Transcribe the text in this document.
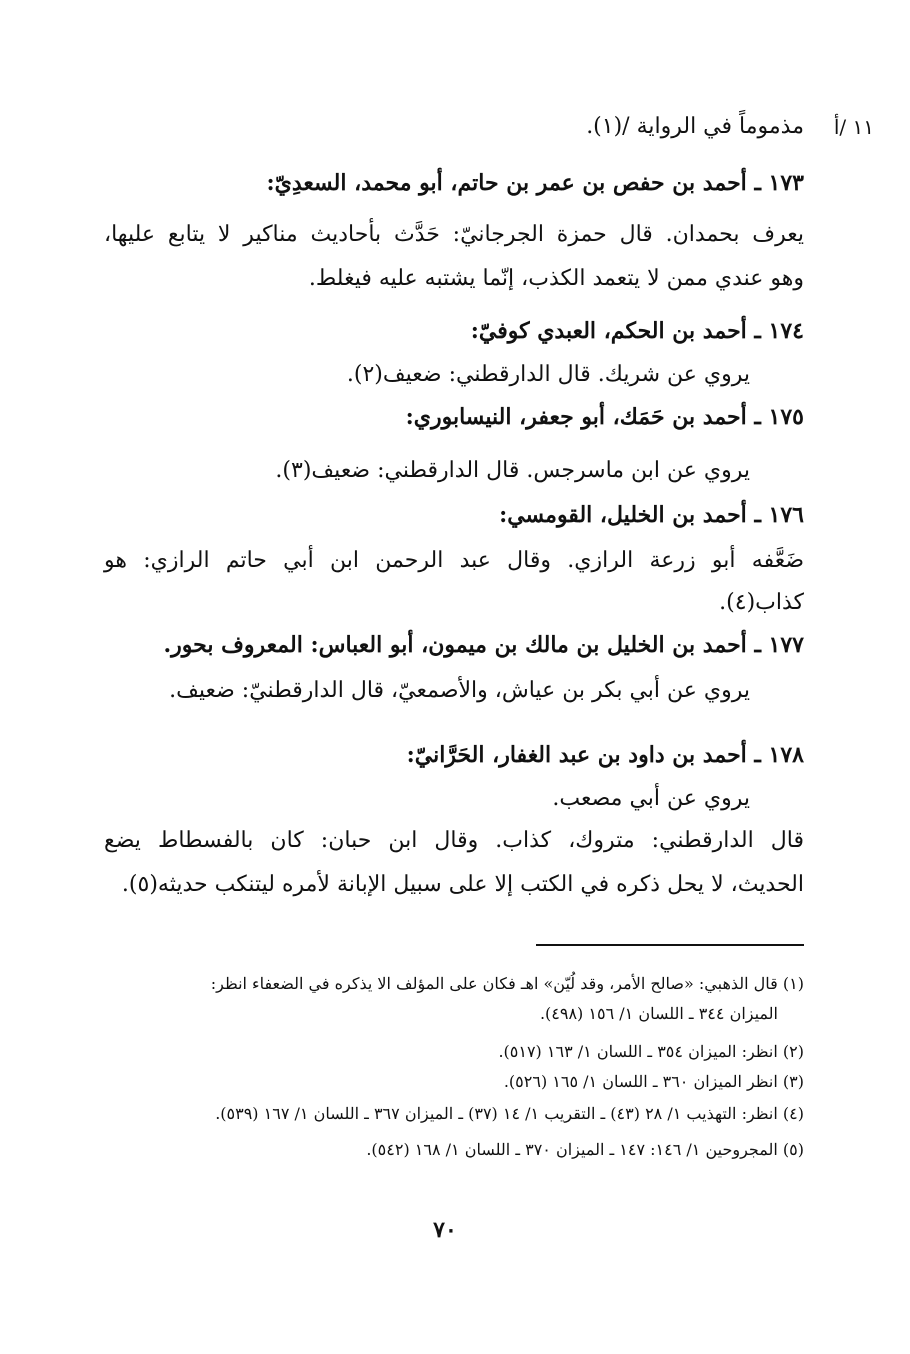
١١ /أ
مذموماً في الرواية /(١).
١٧٣ ـ أحمد بن حفص بن عمر بن حاتم، أبو محمد، السعدِيّ:
يعرف بحمدان. قال حمزة الجرجانيّ: حَدَّث بأحاديث مناكير لا يتابع عليها،
وهو عندي ممن لا يتعمد الكذب، إنّما يشتبه عليه فيغلط.
١٧٤ ـ أحمد بن الحكم، العبدي كوفيّ:
يروي عن شريك. قال الدارقطني: ضعيف(٢).
١٧٥ ـ أحمد بن حَمَك، أبو جعفر، النيسابوري:
يروي عن ابن ماسرجس. قال الدارقطني: ضعيف(٣).
١٧٦ ـ أحمد بن الخليل، القومسي:
ضَعَّفه أبو زرعة الرازي. وقال عبد الرحمن ابن أبي حاتم الرازي: هو
كذاب(٤).
١٧٧ ـ أحمد بن الخليل بن مالك بن ميمون، أبو العباس: المعروف بحور.
يروي عن أبي بكر بن عياش، والأصمعيّ، قال الدارقطنيّ: ضعيف.
١٧٨ ـ أحمد بن داود بن عبد الغفار، الحَرَّانيّ:
يروي عن أبي مصعب.
قال الدارقطني: متروك، كذاب. وقال ابن حبان: كان بالفسطاط يضع
الحديث، لا يحل ذكره في الكتب إلا على سبيل الإبانة لأمره ليتنكب حديثه(٥).
(١) قال الذهبي: «صالح الأمر، وقد لُيّن» اهـ فكان على المؤلف الا يذكره في الضعفاء انظر:
الميزان ٣٤٤ ـ اللسان ١/ ١٥٦ (٤٩٨).
(٢) انظر: الميزان ٣٥٤ ـ اللسان ١/ ١٦٣ (٥١٧).
(٣) انظر الميزان ٣٦٠ ـ اللسان ١/ ١٦٥ (٥٢٦).
(٤) انظر: التهذيب ١/ ٢٨ (٤٣) ـ التقريب ١/ ١٤ (٣٧) ـ الميزان ٣٦٧ ـ اللسان ١/ ١٦٧ (٥٣٩).
(٥) المجروحين ١/ ١٤٦: ١٤٧ ـ الميزان ٣٧٠ ـ اللسان ١/ ١٦٨ (٥٤٢).
٧٠
